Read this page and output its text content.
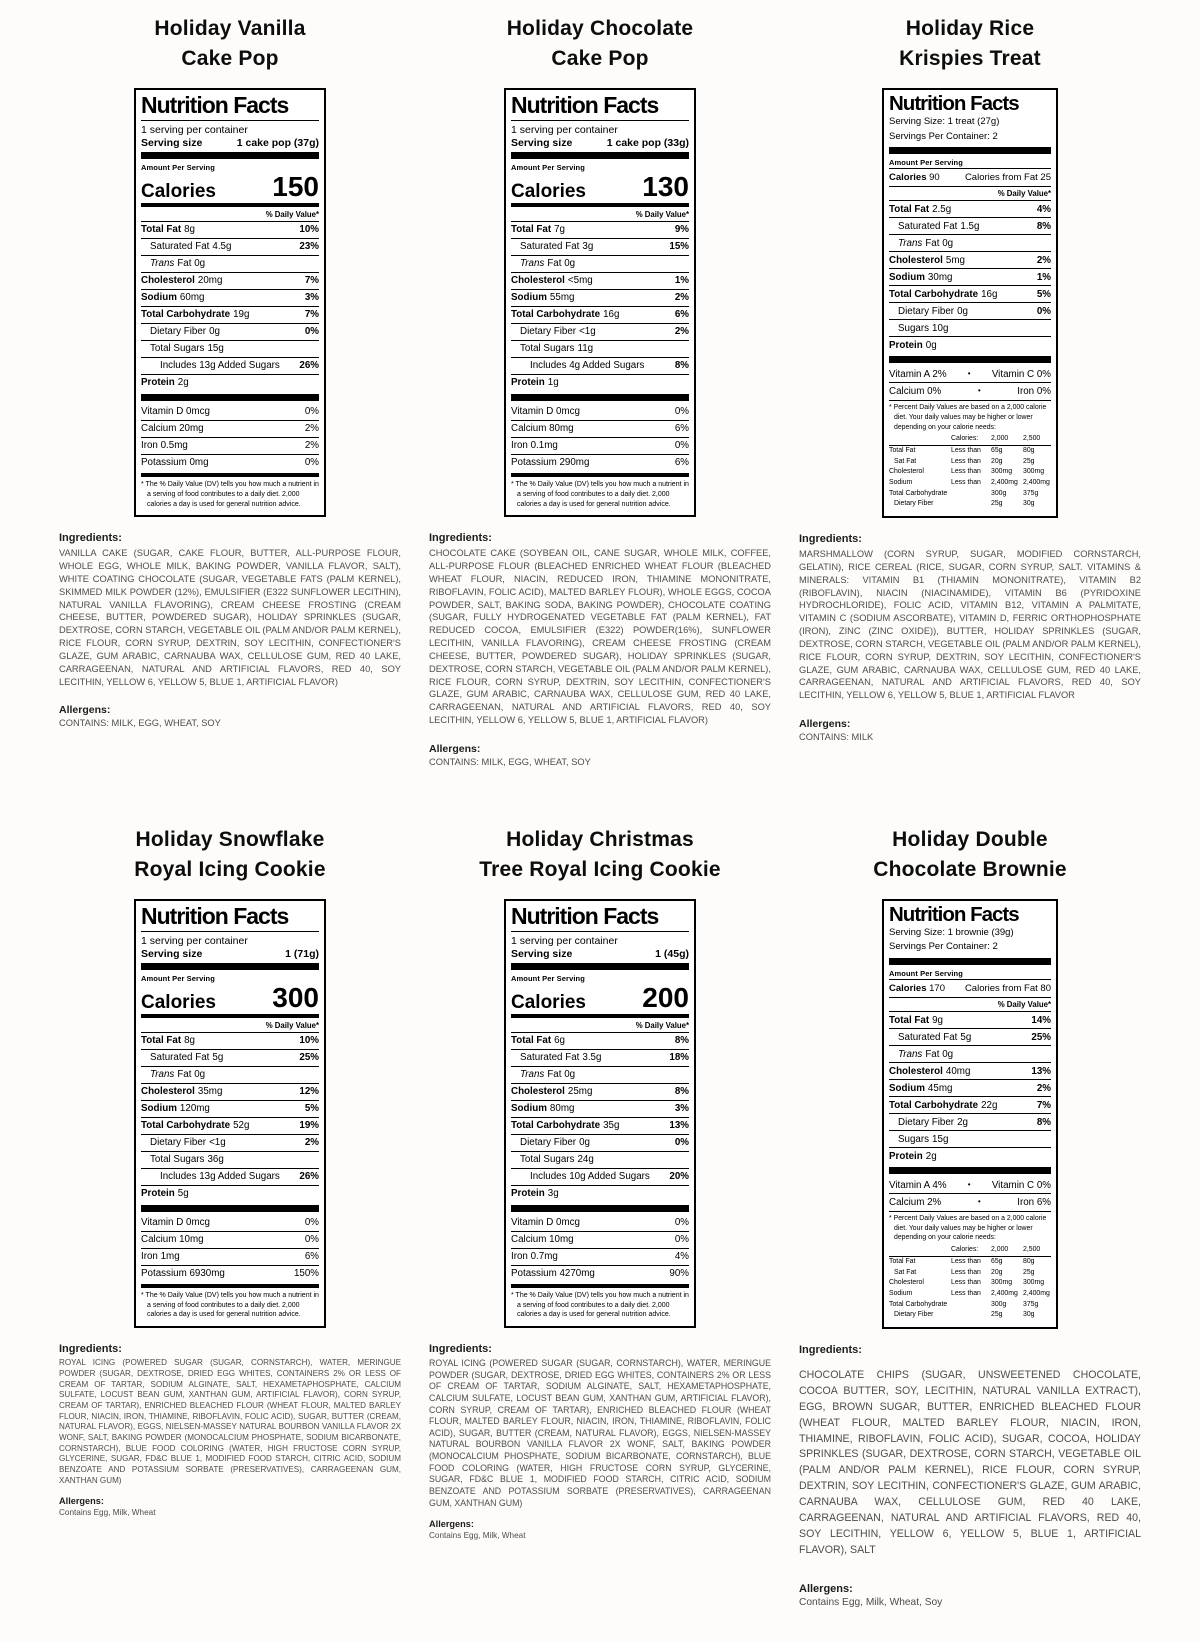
Holiday Vanilla
Cake Pop
Nutrition Facts
1 serving per container
Serving size	1 cake pop (37g)
Amount Per Serving
Calories 150
% Daily Value*
Total Fat 8g	10%
Saturated Fat 4.5g	23%
Trans Fat 0g
Cholesterol 20mg	7%
Sodium 60mg	3%
Total Carbohydrate 19g	7%
Dietary Fiber 0g	0%
Total Sugars 15g
Includes 13g Added Sugars 26%
Protein 2g
Vitamin D 0mcg	0%
Calcium 20mg	2%
Iron 0.5mg	2%
Potassium 0mg	0%
* The % Daily Value (DV) tells you how much a nutrient in a serving of food contributes to a daily diet. 2,000 calories a day is used for general nutrition advice.
Ingredients:
VANILLA CAKE (SUGAR, CAKE FLOUR, BUTTER, ALL-PURPOSE FLOUR, WHOLE EGG, WHOLE MILK, BAKING POWDER, VANILLA FLAVOR, SALT), WHITE COATING CHOCOLATE (SUGAR, VEGETABLE FATS (PALM KERNEL), SKIMMED MILK POWDER (12%), EMULSIFIER (E322 SUNFLOWER LECITHIN), NATURAL VANILLA FLAVORING), CREAM CHEESE FROSTING (CREAM CHEESE, BUTTER, POWDERED SUGAR), HOLIDAY SPRINKLES (SUGAR, DEXTROSE, CORN STARCH, VEGETABLE OIL (PALM AND/OR PALM KERNEL), RICE FLOUR, CORN SYRUP, DEXTRIN, SOY LECITHIN, CONFECTIONER'S GLAZE, GUM ARABIC, CARNAUBA WAX, CELLULOSE GUM, RED 40 LAKE, CARRAGEENAN, NATURAL AND ARTIFICIAL FLAVORS, RED 40, SOY LECITHIN, YELLOW 6, YELLOW 5, BLUE 1, ARTIFICIAL FLAVOR)
Allergens:
CONTAINS: MILK, EGG, WHEAT, SOY
Holiday Chocolate
Cake Pop
Nutrition Facts
1 serving per container
Serving size	1 cake pop (33g)
Amount Per Serving
Calories 130
% Daily Value*
Total Fat 7g	9%
Saturated Fat 3g	15%
Trans Fat 0g
Cholesterol <5mg	1%
Sodium 55mg	2%
Total Carbohydrate 16g	6%
Dietary Fiber <1g	2%
Total Sugars 11g
Includes 4g Added Sugars	8%
Protein 1g
Vitamin D 0mcg	0%
Calcium 80mg	6%
Iron 0.1mg	0%
Potassium 290mg	6%
* The % Daily Value (DV) tells you how much a nutrient in a serving of food contributes to a daily diet. 2,000 calories a day is used for general nutrition advice.
Ingredients:
CHOCOLATE CAKE (SOYBEAN OIL, CANE SUGAR, WHOLE MILK, COFFEE, ALL-PURPOSE FLOUR (BLEACHED ENRICHED WHEAT FLOUR (BLEACHED WHEAT FLOUR, NIACIN, REDUCED IRON, THIAMINE MONONITRATE, RIBOFLAVIN, FOLIC ACID), MALTED BARLEY FLOUR), WHOLE EGGS, COCOA POWDER, SALT, BAKING SODA, BAKING POWDER), CHOCOLATE COATING (SUGAR, FULLY HYDROGENATED VEGETABLE FAT (PALM KERNEL), FAT REDUCED COCOA, EMULSIFIER (E322) POWDER(16%), SUNFLOWER LECITHIN, VANILLA FLAVORING), CREAM CHEESE FROSTING (CREAM CHEESE, BUTTER, POWDERED SUGAR), HOLIDAY SPRINKLES (SUGAR, DEXTROSE, CORN STARCH, VEGETABLE OIL (PALM AND/OR PALM KERNEL), RICE FLOUR, CORN SYRUP, DEXTRIN, SOY LECITHIN, CONFECTIONER'S GLAZE, GUM ARABIC, CARNAUBA WAX, CELLULOSE GUM, RED 40 LAKE, CARRAGEENAN, NATURAL AND ARTIFICIAL FLAVORS, RED 40, SOY LECITHIN, YELLOW 6, YELLOW 5, BLUE 1, ARTIFICIAL FLAVOR)
Allergens:
CONTAINS: MILK, EGG, WHEAT, SOY
Holiday Rice
Krispies Treat
Nutrition Facts
Serving Size: 1 treat (27g)
Servings Per Container: 2
Amount Per Serving
Calories 90	Calories from Fat 25
% Daily Value*
Total Fat 2.5g	4%
Saturated Fat 1.5g	8%
Trans Fat 0g
Cholesterol 5mg	2%
Sodium 30mg	1%
Total Carbohydrate 16g	5%
Dietary Fiber 0g	0%
Sugars 10g
Protein 0g
Vitamin A 2%	• Vitamin C 0%
Calcium 0%	•	Iron 0%
* Percent Daily Values are based on a 2,000 calorie diet. Your daily values may be higher or lower depending on your calorie needs:
Calories:	2,000	2,500
Total Fat	Less than	65g	80g
Sat Fat	Less than	20g	25g
Cholesterol	Less than	300mg	300mg
Sodium	Less than	2,400mg 2,400mg
Total Carbohydrate	300g	375g
Dietary Fiber	25g	30g
Ingredients:
MARSHMALLOW (CORN SYRUP, SUGAR, MODIFIED CORNSTARCH, GELATIN), RICE CEREAL (RICE, SUGAR, CORN SYRUP, SALT. VITAMINS & MINERALS: VITAMIN B1 (THIAMIN MONONITRATE), VITAMIN B2 (RIBOFLAVIN), NIACIN (NIACINAMIDE), VITAMIN B6 (PYRIDOXINE HYDROCHLORIDE), FOLIC ACID, VITAMIN B12, VITAMIN A PALMITATE, VITAMIN C (SODIUM ASCORBATE), VITAMIN D, FERRIC ORTHOPHOSPHATE (IRON), ZINC (ZINC OXIDE)), BUTTER, HOLIDAY SPRINKLES (SUGAR, DEXTROSE, CORN STARCH, VEGETABLE OIL (PALM AND/OR PALM KERNEL), RICE FLOUR, CORN SYRUP, DEXTRIN, SOY LECITHIN, CONFECTIONER'S GLAZE, GUM ARABIC, CARNAUBA WAX, CELLULOSE GUM, RED 40 LAKE, CARRAGEENAN, NATURAL AND ARTIFICIAL FLAVORS, RED 40, SOY LECITHIN, YELLOW 6, YELLOW 5, BLUE 1, ARTIFICIAL FLAVOR
Allergens:
CONTAINS: MILK
Holiday Snowflake
Royal Icing Cookie
Nutrition Facts
1 serving per container
Serving size	1 (71g)
Amount Per Serving
Calories 300
% Daily Value*
Total Fat 8g	10%
Saturated Fat 5g	25%
Trans Fat 0g
Cholesterol 35mg	12%
Sodium 120mg	5%
Total Carbohydrate 52g	19%
Dietary Fiber <1g	2%
Total Sugars 36g
Includes 13g Added Sugars 26%
Protein 5g
Vitamin D 0mcg	0%
Calcium 10mg	0%
Iron 1mg	6%
Potassium 6930mg	150%
* The % Daily Value (DV) tells you how much a nutrient in a serving of food contributes to a daily diet. 2,000 calories a day is used for general nutrition advice.
Ingredients:
ROYAL ICING (POWERED SUGAR (SUGAR, CORNSTARCH), WATER, MERINGUE POWDER (SUGAR, DEXTROSE, DRIED EGG WHITES, CONTAINERS 2% OR LESS OF CREAM OF TARTAR, SODIUM ALGINATE, SALT, HEXAMETAPHOSPHATE, CALCIUM SULFATE, LOCUST BEAN GUM, XANTHAN GUM, ARTIFICIAL FLAVOR), CORN SYRUP, CREAM OF TARTAR), ENRICHED BLEACHED FLOUR (WHEAT FLOUR, MALTED BARLEY FLOUR, NIACIN, IRON, THIAMINE, RIBOFLAVIN, FOLIC ACID), SUGAR, BUTTER (CREAM, NATURAL FLAVOR), EGGS, NIELSEN-MASSEY NATURAL BOURBON VANILLA FLAVOR 2X WONF, SALT, BAKING POWDER (MONOCALCIUM PHOSPHATE, SODIUM BICARBONATE, CORNSTARCH), BLUE FOOD COLORING (WATER, HIGH FRUCTOSE CORN SYRUP, GLYCERINE, SUGAR, FD&C BLUE 1, MODIFIED FOOD STARCH, CITRIC ACID, SODIUM BENZOATE AND POTASSIUM SORBATE (PRESERVATIVES), CARRAGEENAN GUM, XANTHAN GUM)
Allergens:
Contains Egg, Milk, Wheat
Holiday Christmas
Tree Royal Icing Cookie
Nutrition Facts
1 serving per container
Serving size	1 (45g)
Amount Per Serving
Calories 200
% Daily Value*
Total Fat 6g	8%
Saturated Fat 3.5g	18%
Trans Fat 0g
Cholesterol 25mg	8%
Sodium 80mg	3%
Total Carbohydrate 35g	13%
Dietary Fiber 0g	0%
Total Sugars 24g
Includes 10g Added Sugars 20%
Protein 3g
Vitamin D 0mcg	0%
Calcium 10mg	0%
Iron 0.7mg	4%
Potassium 4270mg	90%
* The % Daily Value (DV) tells you how much a nutrient in a serving of food contributes to a daily diet. 2,000 calories a day is used for general nutrition advice.
Ingredients:
ROYAL ICING (POWERED SUGAR (SUGAR, CORNSTARCH), WATER, MERINGUE POWDER (SUGAR, DEXTROSE, DRIED EGG WHITES, CONTAINERS 2% OR LESS OF CREAM OF TARTAR, SODIUM ALGINATE, SALT, HEXAMETAPHOSPHATE, CALCIUM SULFATE, LOCUST BEAN GUM, XANTHAN GUM, ARTIFICIAL FLAVOR), CORN SYRUP, CREAM OF TARTAR), ENRICHED BLEACHED FLOUR (WHEAT FLOUR, MALTED BARLEY FLOUR, NIACIN, IRON, THIAMINE, RIBOFLAVIN, FOLIC ACID), SUGAR, BUTTER (CREAM, NATURAL FLAVOR), EGGS, NIELSEN-MASSEY NATURAL BOURBON VANILLA FLAVOR 2X WONF, SALT, BAKING POWDER (MONOCALCIUM PHOSPHATE, SODIUM BICARBONATE, CORNSTARCH), BLUE FOOD COLORING (WATER, HIGH FRUCTOSE CORN SYRUP, GLYCERINE, SUGAR, FD&C BLUE 1, MODIFIED FOOD STARCH, CITRIC ACID, SODIUM BENZOATE AND POTASSIUM SORBATE (PRESERVATIVES), CARRAGEENAN GUM, XANTHAN GUM)
Allergens:
Contains Egg, Milk, Wheat
Holiday Double
Chocolate Brownie
Nutrition Facts
Serving Size: 1 brownie (39g)
Servings Per Container: 2
Amount Per Serving
Calories 170 Calories from Fat 80
% Daily Value*
Total Fat 9g	14%
Saturated Fat 5g	25%
Trans Fat 0g
Cholesterol 40mg	13%
Sodium 45mg	2%
Total Carbohydrate 22g	7%
Dietary Fiber 2g	8%
Sugars 15g
Protein 2g
Vitamin A 4%	• Vitamin C 0%
Calcium 2%	•	Iron 6%
* Percent Daily Values are based on a 2,000 calorie diet. Your daily values may be higher or lower depending on your calorie needs:
Calories:	2,000	2,500
Total Fat	Less than	65g	80g
Sat Fat	Less than	20g	25g
Cholesterol	Less than	300mg	300mg
Sodium	Less than	2,400mg 2,400mg
Total Carbohydrate	300g	375g
Dietary Fiber	25g	30g
Ingredients:
CHOCOLATE CHIPS (SUGAR, UNSWEETENED CHOCOLATE, COCOA BUTTER, SOY, LECITHIN, NATURAL VANILLA EXTRACT), EGG, BROWN SUGAR, BUTTER, ENRICHED BLEACHED FLOUR (WHEAT FLOUR, MALTED BARLEY FLOUR, NIACIN, IRON, THIAMINE, RIBOFLAVIN, FOLIC ACID), SUGAR, COCOA, HOLIDAY SPRINKLES (SUGAR, DEXTROSE, CORN STARCH, VEGETABLE OIL (PALM AND/OR PALM KERNEL), RICE FLOUR, CORN SYRUP, DEXTRIN, SOY LECITHIN, CONFECTIONER'S GLAZE, GUM ARABIC, CARNAUBA WAX, CELLULOSE GUM, RED 40 LAKE, CARRAGEENAN, NATURAL AND ARTIFICIAL FLAVORS, RED 40, SOY LECITHIN, YELLOW 6, YELLOW 5, BLUE 1, ARTIFICIAL FLAVOR), SALT
Allergens:
Contains Egg, Milk, Wheat, Soy
